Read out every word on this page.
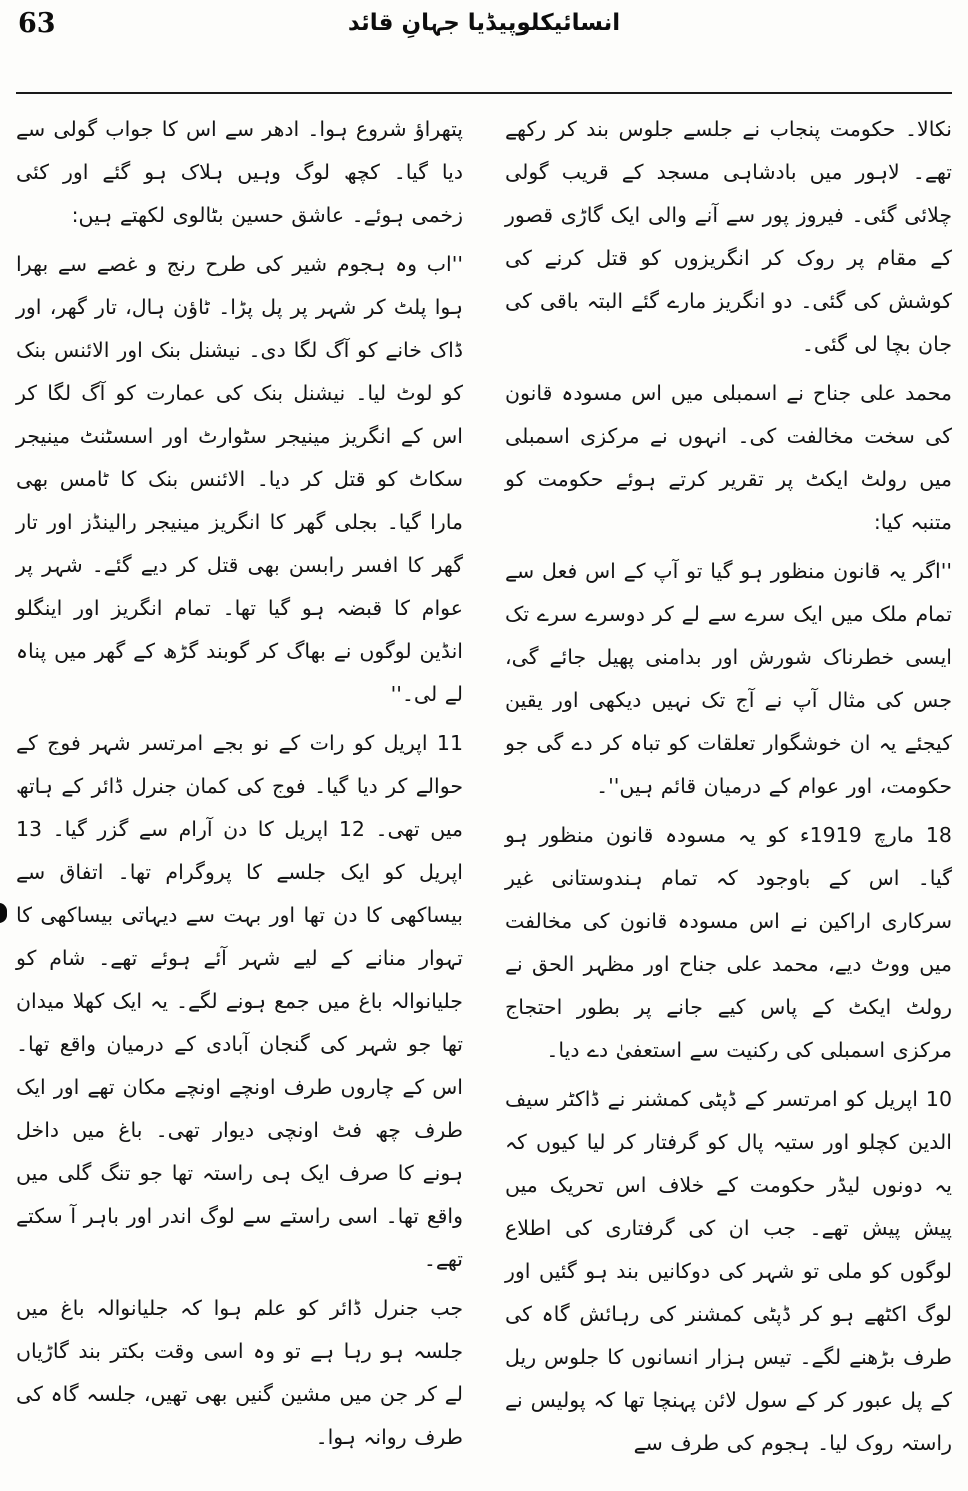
63	انسائیکلوپیڈیا جہانِ قائد

نکالا۔ حکومت پنجاب نے جلسے جلوس بند کر رکھے تھے۔ لاہور میں بادشاہی مسجد کے قریب گولی چلائی گئی۔ فیروز پور سے آنے والی ایک گاڑی قصور کے مقام پر روک کر انگریزوں کو قتل کرنے کی کوشش کی گئی۔ دو انگریز مارے گئے البتہ باقی کی جان بچا لی گئی۔

محمد علی جناح نے اسمبلی میں اس مسودہ قانون کی سخت مخالفت کی۔ انہوں نے مرکزی اسمبلی میں رولٹ ایکٹ پر تقریر کرتے ہوئے حکومت کو متنبہ کیا:

''اگر یہ قانون منظور ہو گیا تو آپ کے اس فعل سے تمام ملک میں ایک سرے سے لے کر دوسرے سرے تک ایسی خطرناک شورش اور بدامنی پھیل جائے گی، جس کی مثال آپ نے آج تک نہیں دیکھی اور یقین کیجئے یہ ان خوشگوار تعلقات کو تباہ کر دے گی جو حکومت، اور عوام کے درمیان قائم ہیں''۔

18 مارچ 1919ء کو یہ مسودہ قانون منظور ہو گیا۔ اس کے باوجود کہ تمام ہندوستانی غیر سرکاری اراکین نے اس مسودہ قانون کی مخالفت میں ووٹ دیے، محمد علی جناح اور مظہر الحق نے رولٹ ایکٹ کے پاس کیے جانے پر بطور احتجاج مرکزی اسمبلی کی رکنیت سے استعفیٰ دے دیا۔

10 اپریل کو امرتسر کے ڈپٹی کمشنر نے ڈاکٹر سیف الدین کچلو اور ستیہ پال کو گرفتار کر لیا کیوں کہ یہ دونوں لیڈر حکومت کے خلاف اس تحریک میں پیش پیش تھے۔ جب ان کی گرفتاری کی اطلاع لوگوں کو ملی تو شہر کی دوکانیں بند ہو گئیں اور لوگ اکٹھے ہو کر ڈپٹی کمشنر کی رہائش گاہ کی طرف بڑھنے لگے۔ تیس ہزار انسانوں کا جلوس ریل کے پل عبور کر کے سول لائن پہنچا تھا کہ پولیس نے راستہ روک لیا۔ ہجوم کی طرف سے

پتھراؤ شروع ہوا۔ ادھر سے اس کا جواب گولی سے دیا گیا۔ کچھ لوگ وہیں ہلاک ہو گئے اور کئی زخمی ہوئے۔ عاشق حسین بٹالوی لکھتے ہیں:

''اب وہ ہجوم شیر کی طرح رنج و غصے سے بھرا ہوا پلٹ کر شہر پر پل پڑا۔ ٹاؤن ہال، تار گھر، اور ڈاک خانے کو آگ لگا دی۔ نیشنل بنک اور الائنس بنک کو لوٹ لیا۔ نیشنل بنک کی عمارت کو آگ لگا کر اس کے انگریز مینیجر سٹوارٹ اور اسسٹنٹ مینیجر سکاٹ کو قتل کر دیا۔ الائنس بنک کا ٹامس بھی مارا گیا۔ بجلی گھر کا انگریز مینیجر رالینڈز اور تار گھر کا افسر رابسن بھی قتل کر دیے گئے۔ شہر پر عوام کا قبضہ ہو گیا تھا۔ تمام انگریز اور اینگلو انڈین لوگوں نے بھاگ کر گوبند گڑھ کے گھر میں پناہ لے لی۔''

11 اپریل کو رات کے نو بجے امرتسر شہر فوج کے حوالے کر دیا گیا۔ فوج کی کمان جنرل ڈائر کے ہاتھ میں تھی۔ 12 اپریل کا دن آرام سے گزر گیا۔ 13 اپریل کو ایک جلسے کا پروگرام تھا۔ اتفاق سے بیساکھی کا دن تھا اور بہت سے دیہاتی بیساکھی کا تہوار منانے کے لیے شہر آئے ہوئے تھے۔ شام کو جلیانوالہ باغ میں جمع ہونے لگے۔ یہ ایک کھلا میدان تھا جو شہر کی گنجان آبادی کے درمیان واقع تھا۔ اس کے چاروں طرف اونچے اونچے مکان تھے اور ایک طرف چھ فٹ اونچی دیوار تھی۔ باغ میں داخل ہونے کا صرف ایک ہی راستہ تھا جو تنگ گلی میں واقع تھا۔ اسی راستے سے لوگ اندر اور باہر آ سکتے تھے۔

جب جنرل ڈائر کو علم ہوا کہ جلیانوالہ باغ میں جلسہ ہو رہا ہے تو وہ اسی وقت بکتر بند گاڑیاں لے کر جن میں مشین گنیں بھی تھیں، جلسہ گاہ کی طرف روانہ ہوا۔
